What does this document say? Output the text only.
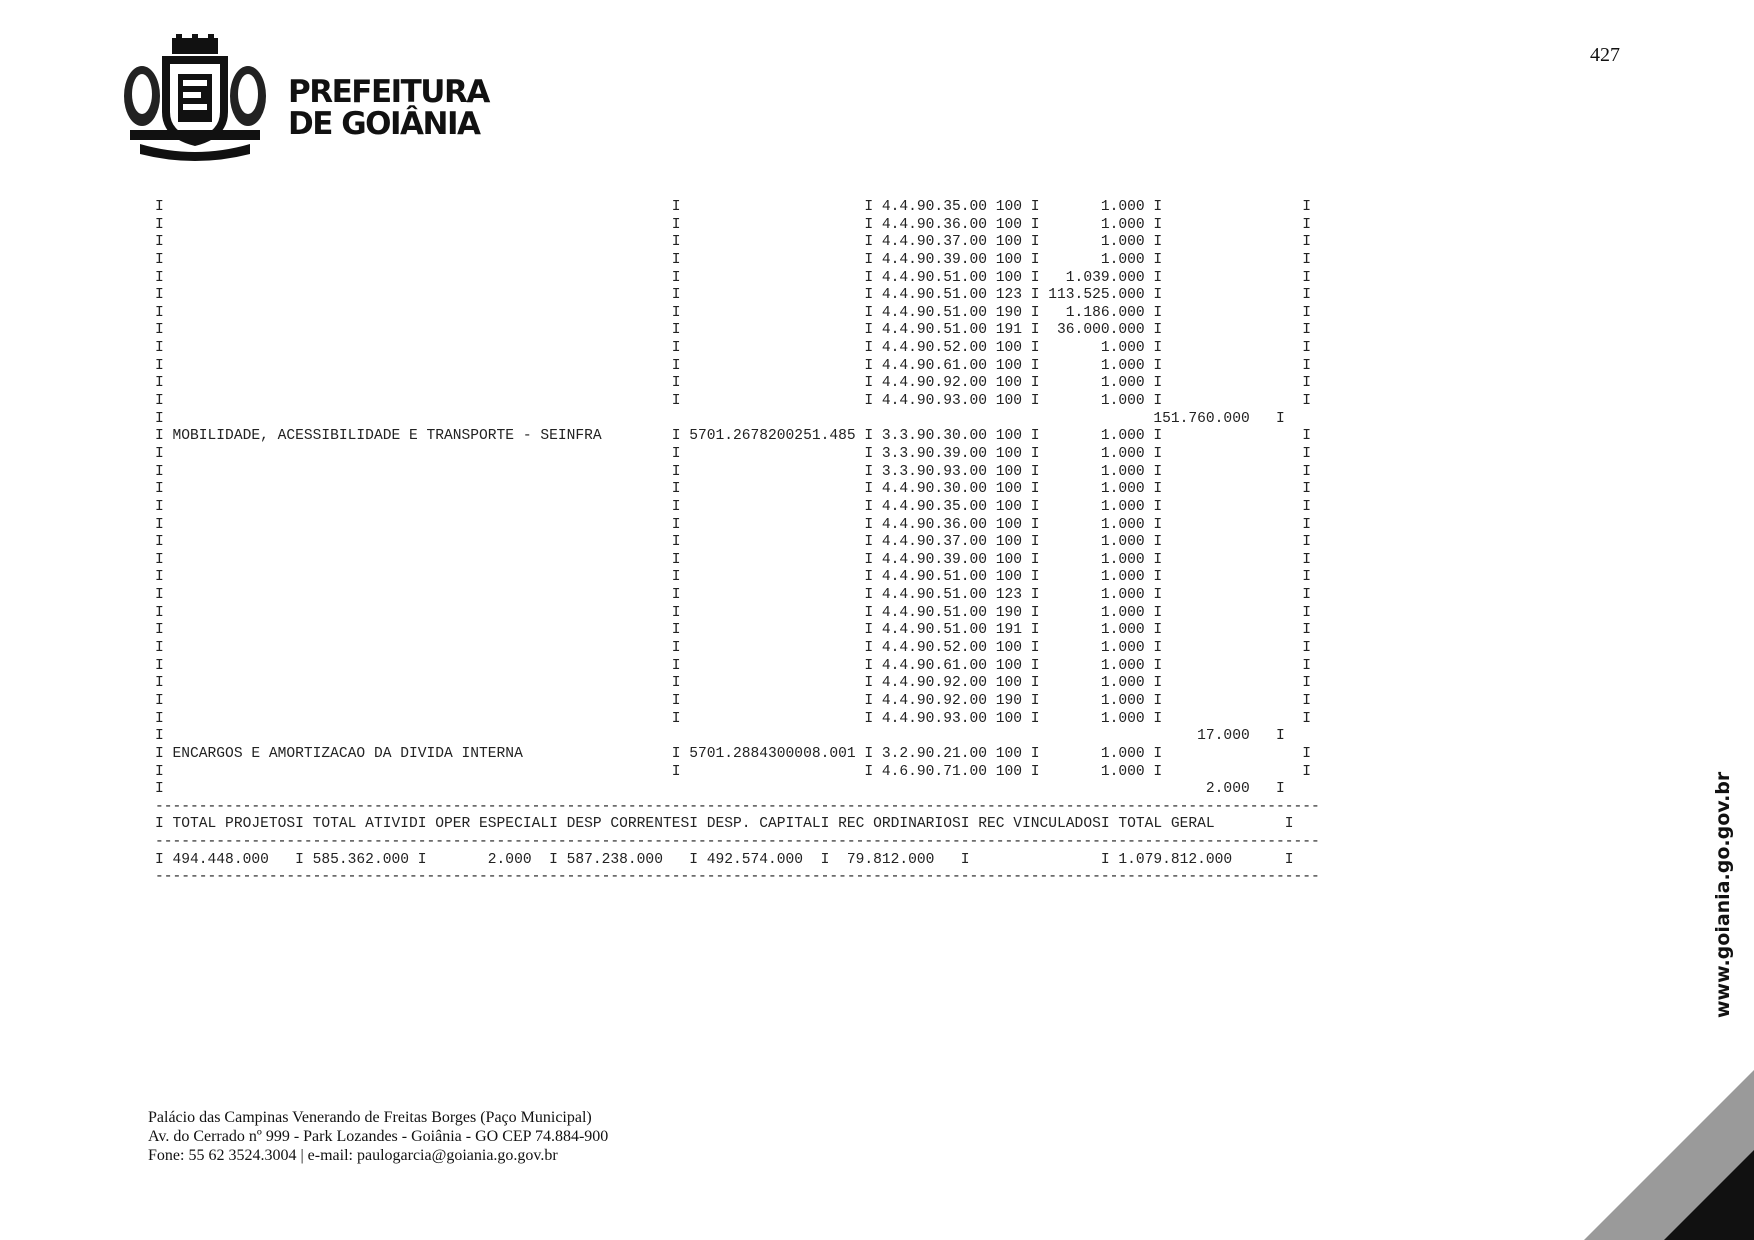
427
PREFEITURA
DE GOIÂNIA
I                                                          I                     I 4.4.90.35.00 100 I       1.000 I                I
I                                                          I                     I 4.4.90.36.00 100 I       1.000 I                I
I                                                          I                     I 4.4.90.37.00 100 I       1.000 I                I
I                                                          I                     I 4.4.90.39.00 100 I       1.000 I                I
I                                                          I                     I 4.4.90.51.00 100 I   1.039.000 I                I
I                                                          I                     I 4.4.90.51.00 123 I 113.525.000 I                I
I                                                          I                     I 4.4.90.51.00 190 I   1.186.000 I                I
I                                                          I                     I 4.4.90.51.00 191 I  36.000.000 I                I
I                                                          I                     I 4.4.90.52.00 100 I       1.000 I                I
I                                                          I                     I 4.4.90.61.00 100 I       1.000 I                I
I                                                          I                     I 4.4.90.92.00 100 I       1.000 I                I
I                                                          I                     I 4.4.90.93.00 100 I       1.000 I                I
I                                                                                                                 151.760.000   I
I MOBILIDADE, ACESSIBILIDADE E TRANSPORTE - SEINFRA        I 5701.2678200251.485 I 3.3.90.30.00 100 I       1.000 I                I
I                                                          I                     I 3.3.90.39.00 100 I       1.000 I                I
I                                                          I                     I 3.3.90.93.00 100 I       1.000 I                I
I                                                          I                     I 4.4.90.30.00 100 I       1.000 I                I
I                                                          I                     I 4.4.90.35.00 100 I       1.000 I                I
I                                                          I                     I 4.4.90.36.00 100 I       1.000 I                I
I                                                          I                     I 4.4.90.37.00 100 I       1.000 I                I
I                                                          I                     I 4.4.90.39.00 100 I       1.000 I                I
I                                                          I                     I 4.4.90.51.00 100 I       1.000 I                I
I                                                          I                     I 4.4.90.51.00 123 I       1.000 I                I
I                                                          I                     I 4.4.90.51.00 190 I       1.000 I                I
I                                                          I                     I 4.4.90.51.00 191 I       1.000 I                I
I                                                          I                     I 4.4.90.52.00 100 I       1.000 I                I
I                                                          I                     I 4.4.90.61.00 100 I       1.000 I                I
I                                                          I                     I 4.4.90.92.00 100 I       1.000 I                I
I                                                          I                     I 4.4.90.92.00 190 I       1.000 I                I
I                                                          I                     I 4.4.90.93.00 100 I       1.000 I                I
I                                                                                                                      17.000   I
I ENCARGOS E AMORTIZACAO DA DIVIDA INTERNA                 I 5701.2884300008.001 I 3.2.90.21.00 100 I       1.000 I                I
I                                                          I                     I 4.6.90.71.00 100 I       1.000 I                I
I                                                                                                                       2.000   I
-------------------------------------------------------------------------------------------------------------------------------------
I TOTAL PROJETOSI TOTAL ATIVIDI OPER ESPECIALI DESP CORRENTESI DESP. CAPITALI REC ORDINARIOSI REC VINCULADOSI TOTAL GERAL        I
-------------------------------------------------------------------------------------------------------------------------------------
I 494.448.000   I 585.362.000 I       2.000  I 587.238.000   I 492.574.000  I  79.812.000   I               I 1.079.812.000      I
-------------------------------------------------------------------------------------------------------------------------------------
Palácio das Campinas Venerando de Freitas Borges (Paço Municipal)
Av. do Cerrado nº 999 - Park Lozandes - Goiânia - GO CEP 74.884-900
Fone: 55 62 3524.3004 | e-mail: paulogarcia@goiania.go.gov.br
www.goiania.go.gov.br
